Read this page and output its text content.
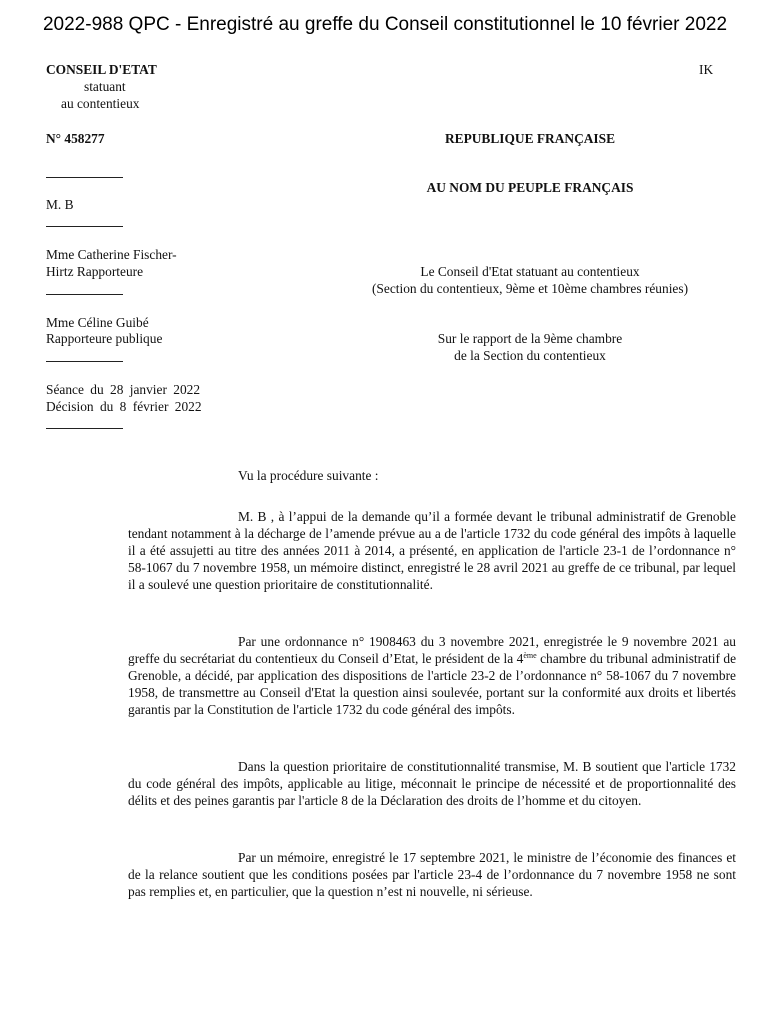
2022-988 QPC - Enregistré au greffe du Conseil constitutionnel le 10 février 2022
CONSEIL D'ETAT
statuant
au contentieux
IK
N° 458277	REPUBLIQUE FRANÇAISE
AU NOM DU PEUPLE FRANÇAIS
M. B
Mme Catherine Fischer-
Hirtz Rapporteure
Mme Céline Guibé
Rapporteure publique
Séance du 28 janvier 2022
Décision du 8 février 2022
Le Conseil d'Etat statuant au contentieux
(Section du contentieux, 9ème et 10ème chambres réunies)
Sur le rapport de la 9ème chambre
de la Section du contentieux
Vu la procédure suivante :
M. B , à l’appui de la demande qu’il a formée devant le tribunal administratif de Grenoble tendant notamment à la décharge de l’amende prévue au a de l'article 1732 du code général des impôts à laquelle il a été assujetti au titre des années 2011 à 2014, a présenté, en application de l'article 23-1 de l’ordonnance n° 58-1067 du 7 novembre 1958, un mémoire distinct, enregistré le 28 avril 2021 au greffe de ce tribunal, par lequel il a soulevé une question prioritaire de constitutionnalité.
Par une ordonnance n° 1908463 du 3 novembre 2021, enregistrée le 9 novembre 2021 au greffe du secrétariat du contentieux du Conseil d’Etat, le président de la 4ème chambre du tribunal administratif de Grenoble, a décidé, par application des dispositions de l'article 23-2 de l’ordonnance n° 58-1067 du 7 novembre 1958, de transmettre au Conseil d'Etat la question ainsi soulevée, portant sur la conformité aux droits et libertés garantis par la Constitution de l'article 1732 du code général des impôts.
Dans la question prioritaire de constitutionnalité transmise, M. B soutient que l'article 1732 du code général des impôts, applicable au litige, méconnait le principe de nécessité et de proportionnalité des délits et des peines garantis par l'article 8 de la Déclaration des droits de l’homme et du citoyen.
Par un mémoire, enregistré le 17 septembre 2021, le ministre de l’économie des finances et de la relance soutient que les conditions posées par l'article 23-4 de l’ordonnance du 7 novembre 1958 ne sont pas remplies et, en particulier, que la question n’est ni nouvelle, ni sérieuse.
